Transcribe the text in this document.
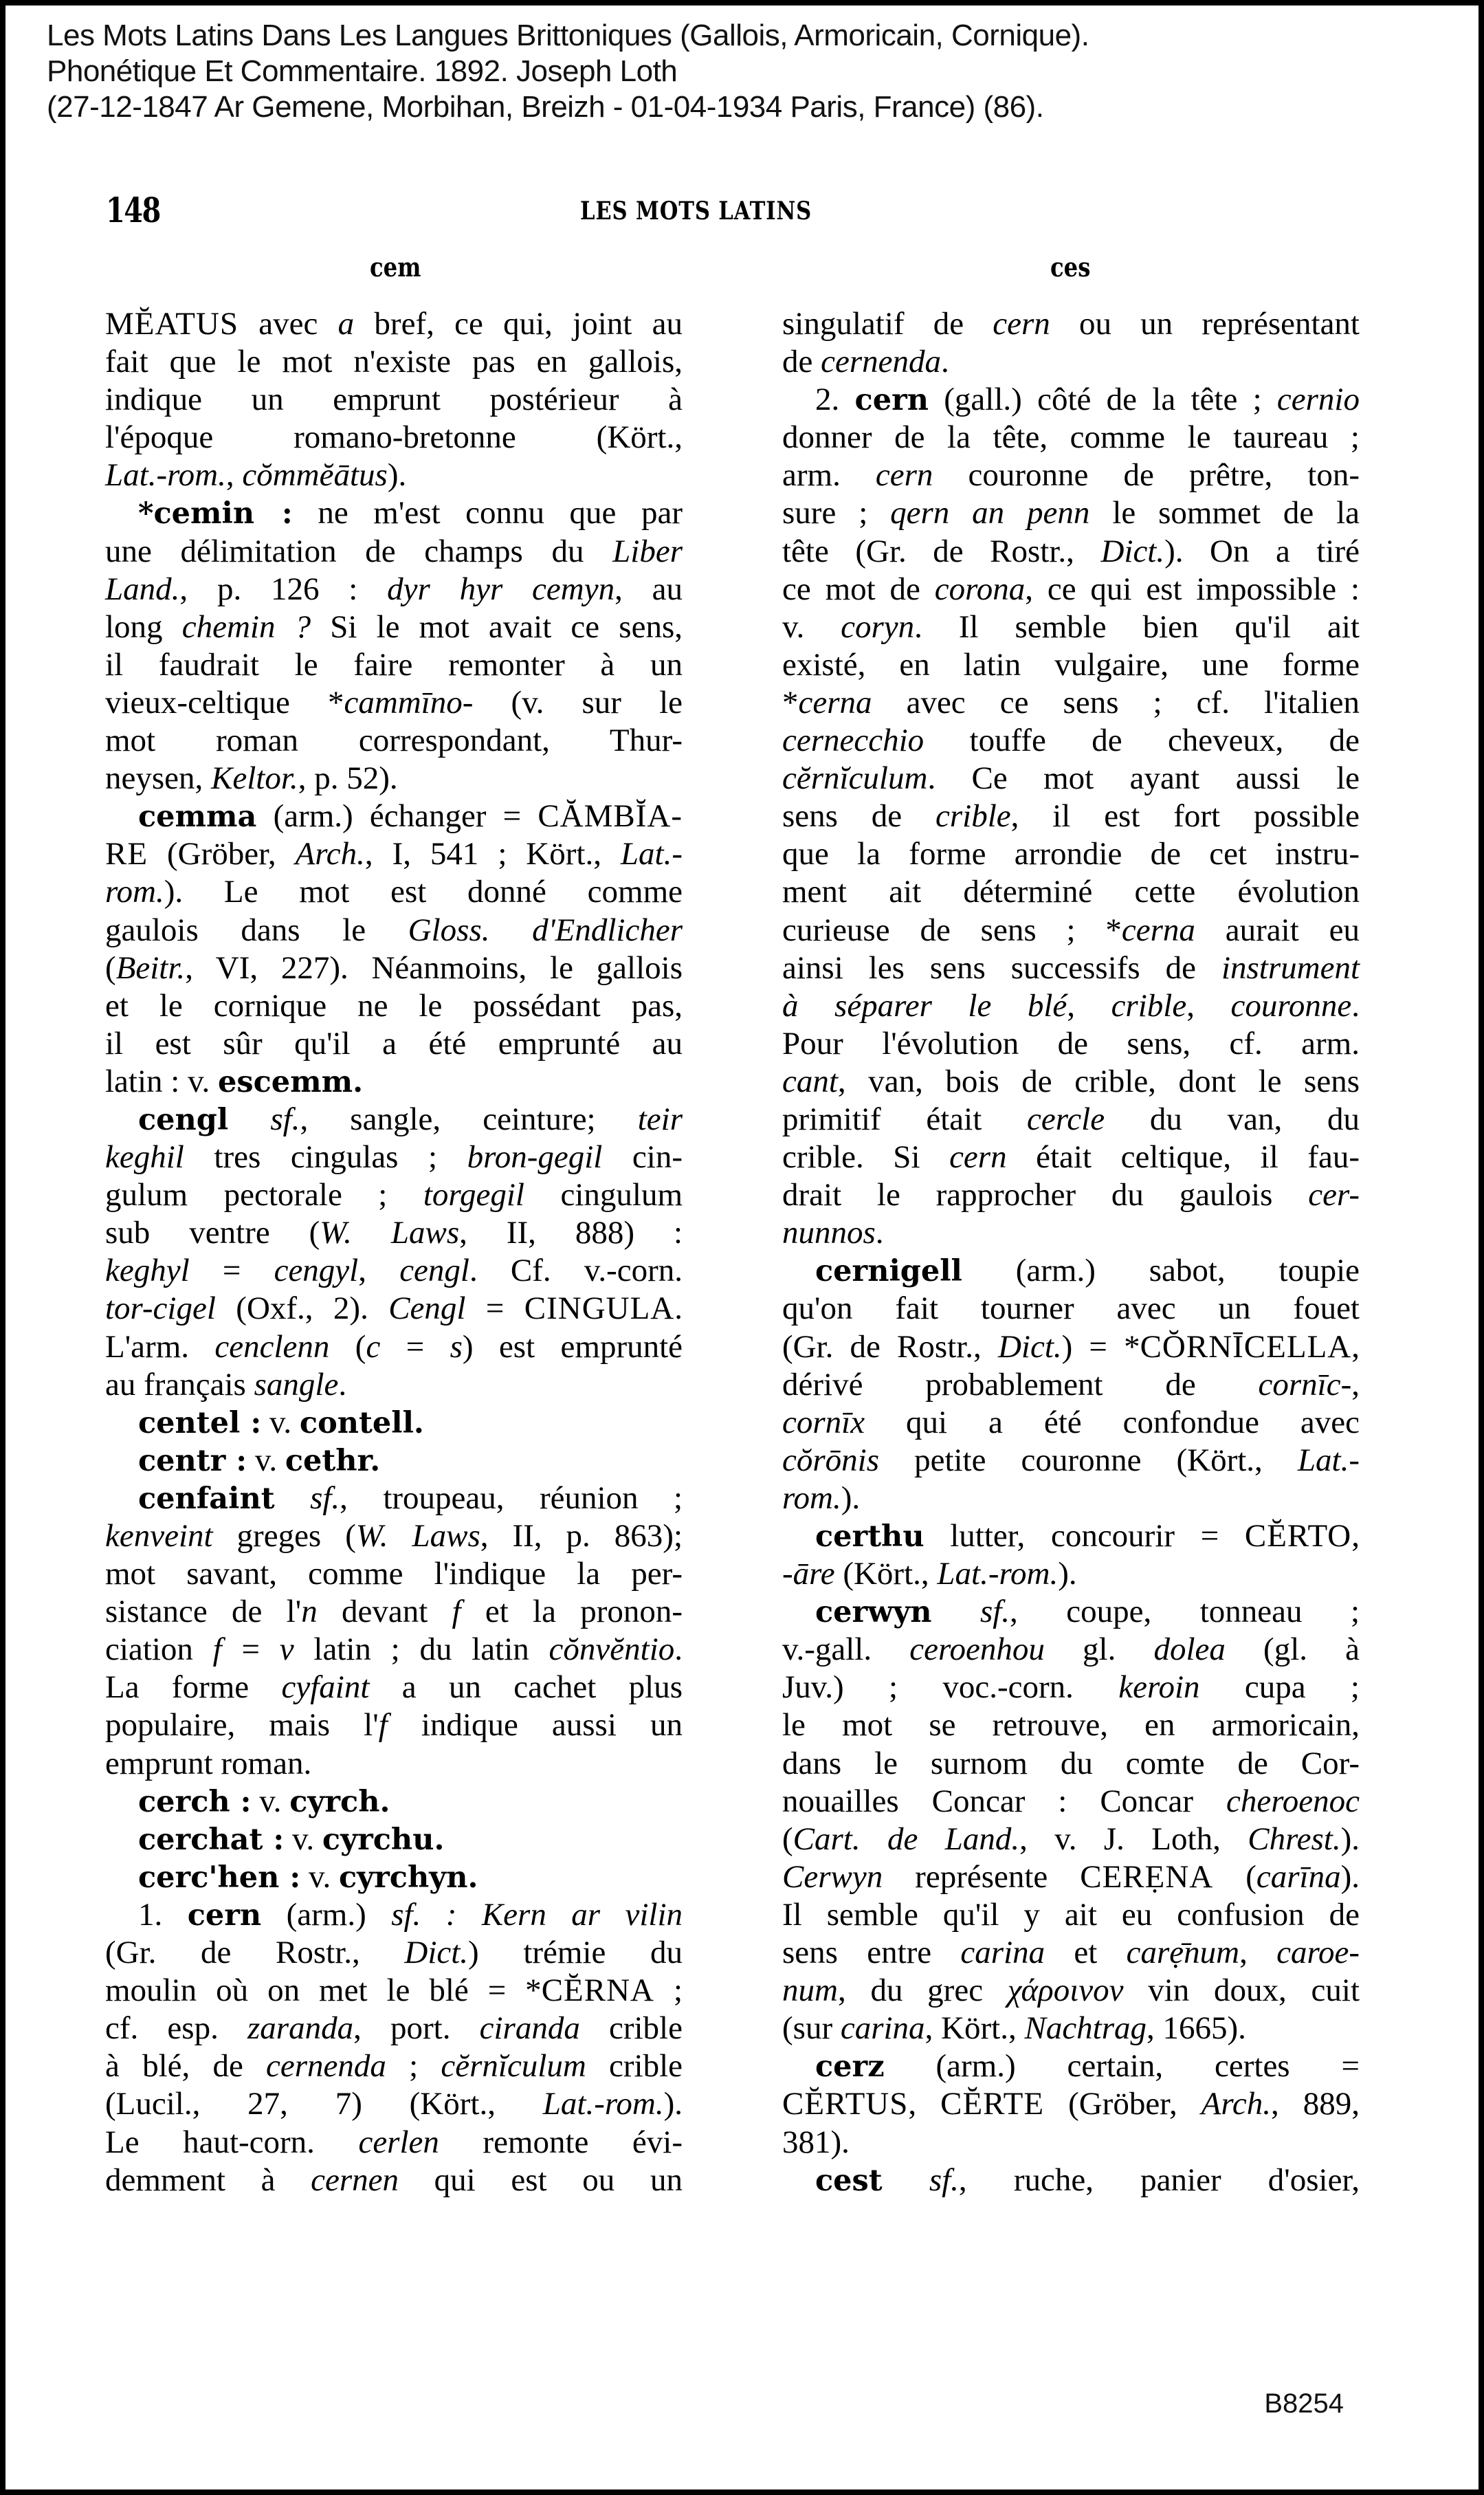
Les Mots Latins Dans Les Langues Brittoniques (Gallois, Armoricain, Cornique).
Phonétique Et Commentaire. 1892. Joseph Loth
(27-12-1847 Ar Gemene, Morbihan, Breizh - 01-04-1934 Paris, France) (86).
148	LES MOTS LATINS
cem	ces
MĔATUS avec a bref, ce qui, joint au
fait que le mot n'existe pas en gallois,
indique un emprunt postérieur à
l'époque romano-bretonne (Kört.,
Lat.-rom., cŏmmĕātus).
*cemin : ne m'est connu que par
une délimitation de champs du Liber
Land., p. 126 : dyr hyr cemyn, au
long chemin ? Si le mot avait ce sens,
il faudrait le faire remonter à un
vieux-celtique *cammīno- (v. sur le
mot roman correspondant, Thur-
neysen, Keltor., p. 52).
cemma (arm.) échanger = CĂMBĬA-
RE (Gröber, Arch., I, 541 ; Kört., Lat.-
rom.). Le mot est donné comme
gaulois dans le Gloss. d'Endlicher
(Beitr., VI, 227). Néanmoins, le gallois
et le cornique ne le possédant pas,
il est sûr qu'il a été emprunté au
latin : v. escemm.
cengl sf., sangle, ceinture; teir
keghil tres cingulas ; bron-gegil cin-
gulum pectorale ; torgegil cingulum
sub ventre (W. Laws, II, 888) :
keghyl = cengyl, cengl. Cf. v.-corn.
tor-cigel (Oxf., 2). Cengl = CINGULA.
L'arm. cenclenn (c = s) est emprunté
au français sangle.
centel : v. contell.
centr : v. cethr.
cenfaint sf., troupeau, réunion ;
kenveint greges (W. Laws, II, p. 863);
mot savant, comme l'indique la per-
sistance de l'n devant f et la pronon-
ciation f = v latin ; du latin cŏnvĕntio.
La forme cyfaint a un cachet plus
populaire, mais l'f indique aussi un
emprunt roman.
cerch : v. cyrch.
cerchat : v. cyrchu.
cerc'hen : v. cyrchyn.
1. cern (arm.) sf. : Kern ar vilin
(Gr. de Rostr., Dict.) trémie du
moulin où on met le blé = *CĔRNA ;
cf. esp. zaranda, port. ciranda crible
à blé, de cernenda ; cĕrnĭculum crible
(Lucil., 27, 7) (Kört., Lat.-rom.).
Le haut-corn. cerlen remonte évi-
demment à cernen qui est ou un
singulatif de cern ou un représentant
de cernenda.
2. cern (gall.) côté de la tête ; cernio
donner de la tête, comme le taureau ;
arm. cern couronne de prêtre, ton-
sure ; qern an penn le sommet de la
tête (Gr. de Rostr., Dict.). On a tiré
ce mot de corona, ce qui est impossible :
v. coryn. Il semble bien qu'il ait
existé, en latin vulgaire, une forme
*cerna avec ce sens ; cf. l'italien
cernecchio touffe de cheveux, de
cĕrnĭculum. Ce mot ayant aussi le
sens de crible, il est fort possible
que la forme arrondie de cet instru-
ment ait déterminé cette évolution
curieuse de sens ; *cerna aurait eu
ainsi les sens successifs de instrument
à séparer le blé, crible, couronne.
Pour l'évolution de sens, cf. arm.
cant, van, bois de crible, dont le sens
primitif était cercle du van, du
crible. Si cern était celtique, il fau-
drait le rapprocher du gaulois cer-
nunnos.
cernigell (arm.) sabot, toupie
qu'on fait tourner avec un fouet
(Gr. de Rostr., Dict.) = *CŎRNĪCELLA,
dérivé probablement de cornīc-,
cornīx qui a été confondue avec
cŏrōnis petite couronne (Kört., Lat.-
rom.).
certhu lutter, concourir = CĔRTO,
-āre (Kört., Lat.-rom.).
cerwyn sf., coupe, tonneau ;
v.-gall. ceroenhou gl. dolea (gl. à
Juv.) ; voc.-corn. keroin cupa ;
le mot se retrouve, en armoricain,
dans le surnom du comte de Cor-
nouailles Concar : Concar cheroenoc
(Cart. de Land., v. J. Loth, Chrest.).
Cerwyn représente CERẸNA (carīna).
Il semble qu'il y ait eu confusion de
sens entre carina et carẹ̄num, caroe-
num, du grec χάροινον vin doux, cuit
(sur carina, Kört., Nachtrag, 1665).
cerz (arm.) certain, certes =
CĔRTUS, CĔRTE (Gröber, Arch., 889,
381).
cest sf., ruche, panier d'osier,
B8254
